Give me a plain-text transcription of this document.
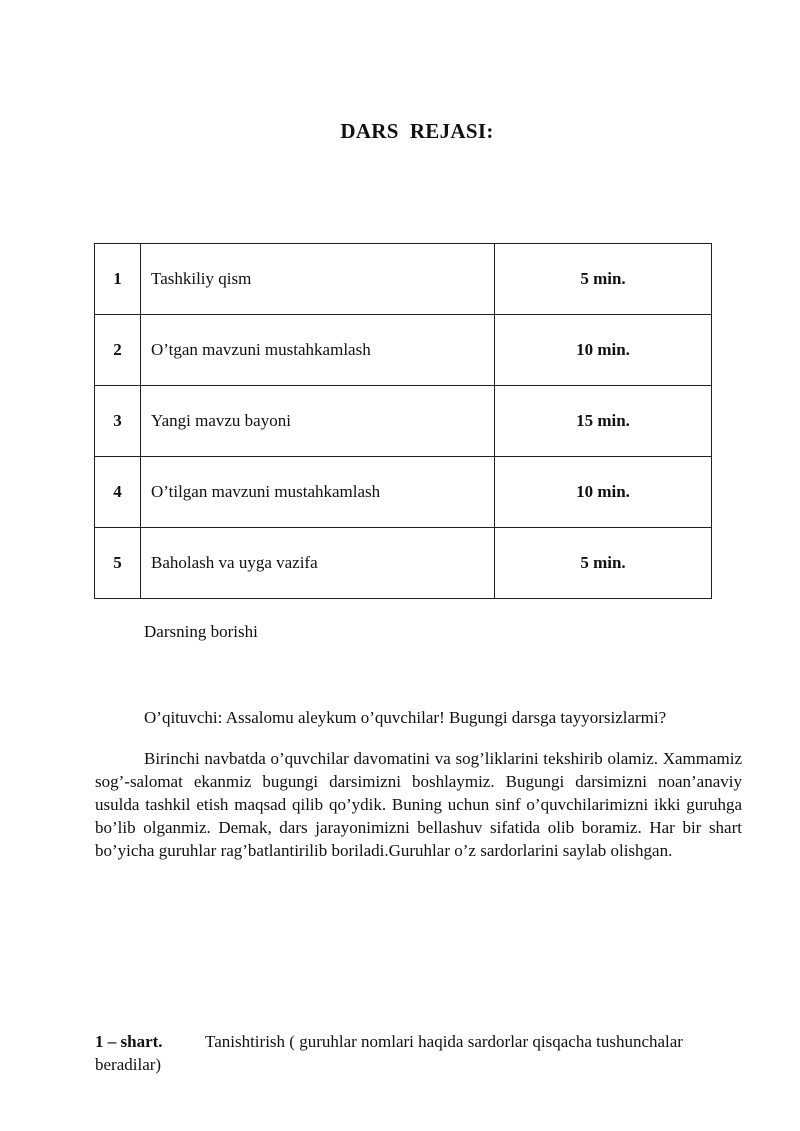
DARS  REJASI:
1	Tashkiliy qism	5 min.
2	O’tgan mavzuni mustahkamlash	10 min.
3	Yangi mavzu bayoni	15 min.
4	O’tilgan mavzuni mustahkamlash	10 min.
5	Baholash va uyga vazifa	5 min.
Darsning borishi
O’qituvchi: Assalomu aleykum o’quvchilar! Bugungi darsga tayyorsizlarmi?
Birinchi navbatda o’quvchilar davomatini va sog’liklarini tekshirib olamiz. Xammamiz sog’-salomat ekanmiz bugungi darsimizni boshlaymiz. Bugungi darsimizni noan’anaviy usulda tashkil etish maqsad qilib qo’ydik. Buning uchun sinf o’quvchilarimizni ikki guruhga bo’lib olganmiz. Demak, dars jarayonimizni bellashuv sifatida olib boramiz. Har bir shart bo’yicha guruhlar rag’batlantirilib boriladi.Guruhlar o’z sardorlarini saylab olishgan.
1 – shart. Tanishtirish ( guruhlar nomlari haqida sardorlar qisqacha tushunchalar beradilar)
